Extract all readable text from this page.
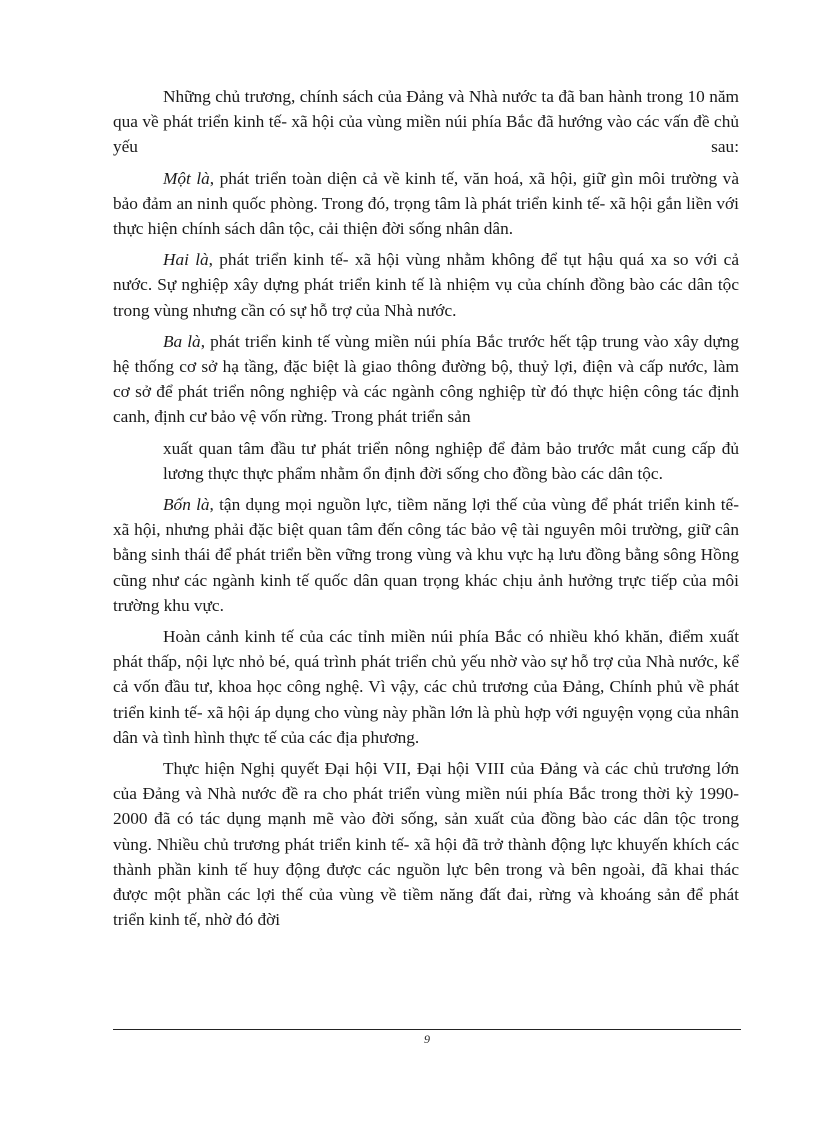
Những chủ trương, chính sách của Đảng và Nhà nước ta đã ban hành trong 10 năm qua về phát triển kinh tế- xã hội của vùng miền núi phía Bắc đã hướng vào các vấn đề chủ yếu sau:

Một là, phát triển toàn diện cả về kinh tế, văn hoá, xã hội, giữ gìn môi trường và bảo đảm an ninh quốc phòng. Trong đó, trọng tâm là phát triển kinh tế- xã hội gắn liền với thực hiện chính sách dân tộc, cải thiện đời sống nhân dân.

Hai là, phát triển kinh tế- xã hội vùng nhằm không để tụt hậu quá xa so với cả nước. Sự nghiệp xây dựng phát triển kinh tế là nhiệm vụ của chính đồng bào các dân tộc trong vùng nhưng cần có sự hỗ trợ của Nhà nước.

Ba là, phát triển kinh tế vùng miền núi phía Bắc trước hết tập trung vào xây dựng hệ thống cơ sở hạ tầng, đặc biệt là giao thông đường bộ, thuỷ lợi, điện và cấp nước, làm cơ sở để phát triển nông nghiệp và các ngành công nghiệp từ đó thực hiện công tác định canh, định cư bảo vệ vốn rừng. Trong phát triển sản

xuất quan tâm đầu tư phát triển nông nghiệp để đảm bảo trước mắt cung cấp đủ lương thực thực phẩm nhằm ổn định đời sống cho đồng bào các dân tộc.

Bốn là, tận dụng mọi nguồn lực, tiềm năng lợi thế của vùng để phát triển kinh tế- xã hội, nhưng phải đặc biệt quan tâm đến công tác bảo vệ tài nguyên môi trường, giữ cân bằng sinh thái để phát triển bền vững trong vùng và khu vực hạ lưu đồng bằng sông Hồng cũng như các ngành kinh tế quốc dân quan trọng khác chịu ảnh hưởng trực tiếp của môi trường khu vực.

Hoàn cảnh kinh tế của các tỉnh miền núi phía Bắc có nhiều khó khăn, điểm xuất phát thấp, nội lực nhỏ bé, quá trình phát triển chủ yếu nhờ vào sự hỗ trợ của Nhà nước, kể cả vốn đầu tư, khoa học công nghệ. Vì vậy, các chủ trương của Đảng, Chính phủ về phát triển kinh tế- xã hội áp dụng cho vùng này phần lớn là phù hợp với nguyện vọng của nhân dân và tình hình thực tế của các địa phương.

Thực hiện Nghị quyết Đại hội VII, Đại hội VIII của Đảng và các chủ trương lớn của Đảng và Nhà nước đề ra cho phát triển vùng miền núi phía Bắc trong thời kỳ 1990- 2000 đã có tác dụng mạnh mẽ vào đời sống, sản xuất của đồng bào các dân tộc trong vùng. Nhiều chủ trương phát triển kinh tế- xã hội đã trở thành động lực khuyến khích các thành phần kinh tế huy động được các nguồn lực bên trong và bên ngoài, đã khai thác được một phần các lợi thế của vùng về tiềm năng đất đai, rừng và khoáng sản để phát triển kinh tế, nhờ đó đời

9
